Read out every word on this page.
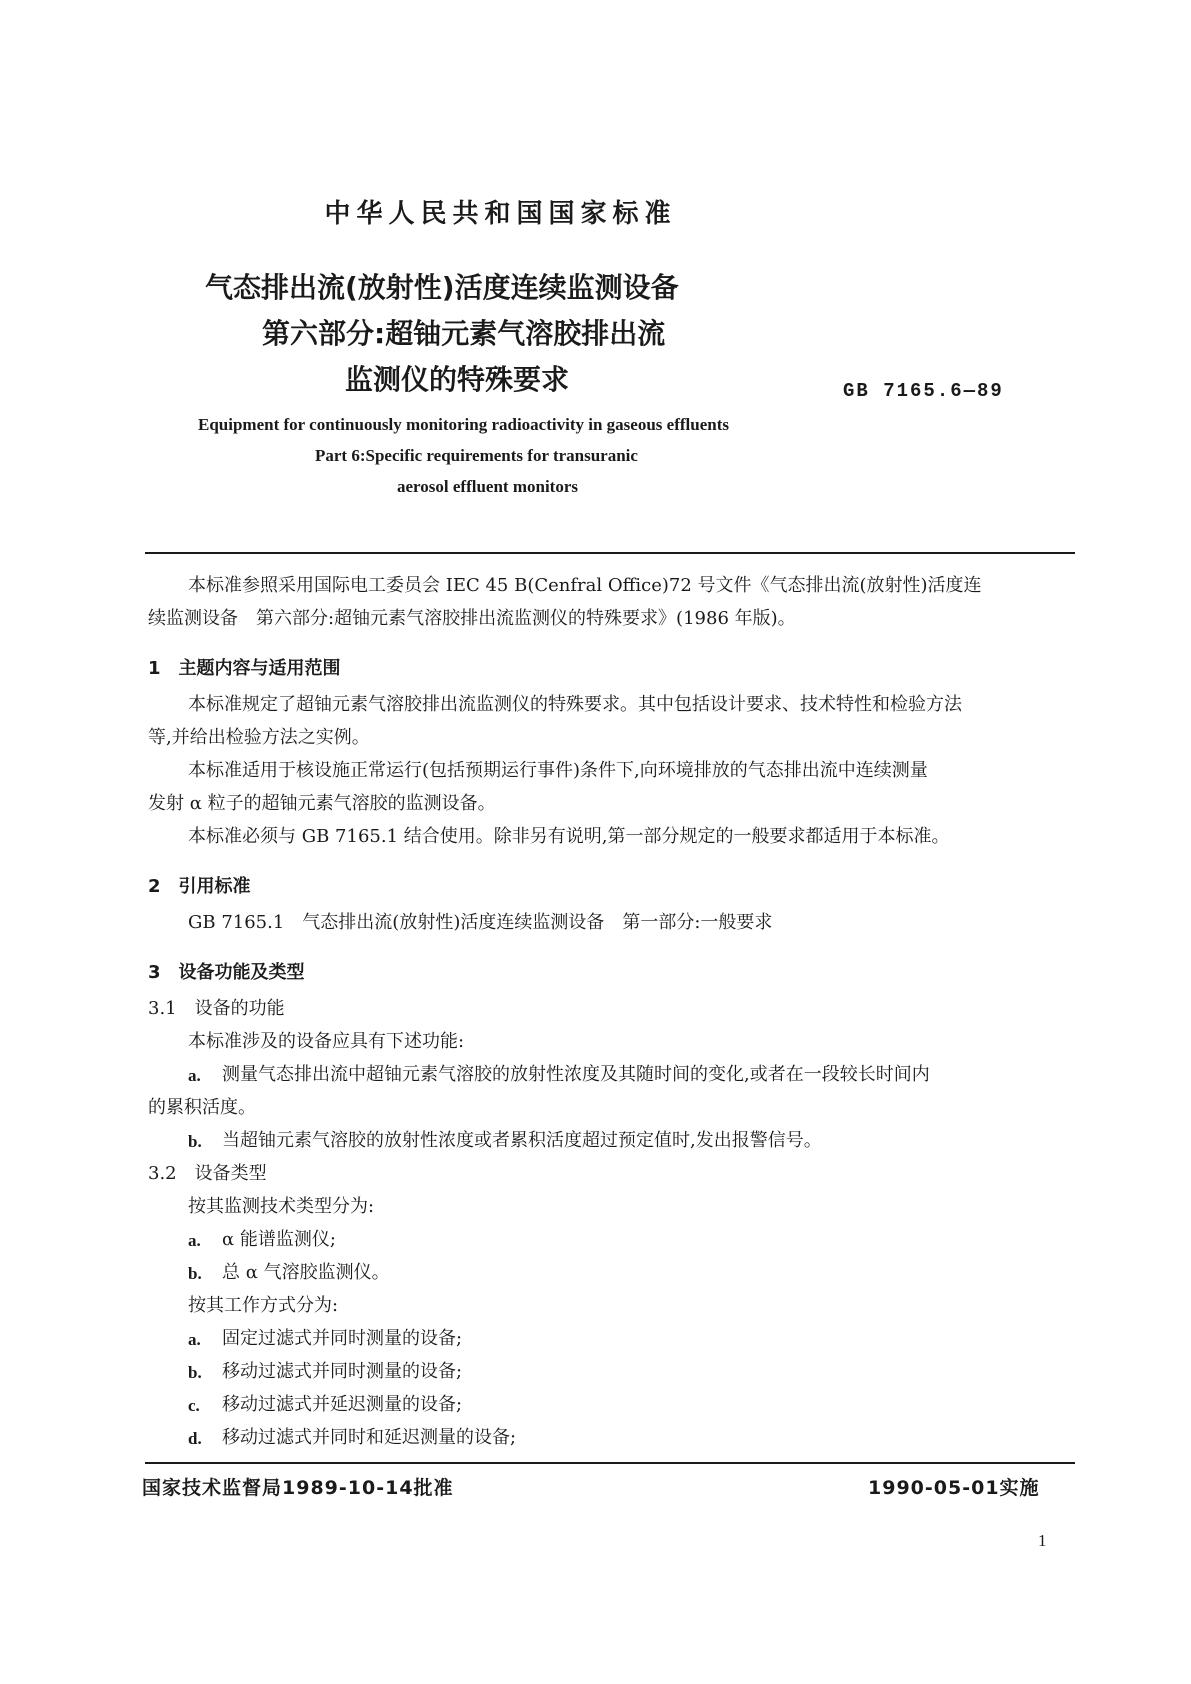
中华人民共和国国家标准
气态排出流(放射性)活度连续监测设备
第六部分:超铀元素气溶胶排出流
监测仪的特殊要求	GB 7165.6—89
Equipment for continuously monitoring radioactivity in gaseous effluents
Part 6:Specific requirements for transuranic
aerosol effluent monitors
本标准参照采用国际电工委员会 IEC 45 B(Cenfral Office)72 号文件《气态排出流(放射性)活度连
续监测设备　第六部分:超铀元素气溶胶排出流监测仪的特殊要求》(1986 年版)。
1　主题内容与适用范围
本标准规定了超铀元素气溶胶排出流监测仪的特殊要求。其中包括设计要求、技术特性和检验方法
等,并给出检验方法之实例。
本标准适用于核设施正常运行(包括预期运行事件)条件下,向环境排放的气态排出流中连续测量
发射 α 粒子的超铀元素气溶胶的监测设备。
本标准必须与 GB 7165.1 结合使用。除非另有说明,第一部分规定的一般要求都适用于本标准。
2　引用标准
GB 7165.1　气态排出流(放射性)活度连续监测设备　第一部分:一般要求
3　设备功能及类型
3.1　设备的功能
本标准涉及的设备应具有下述功能:
a. 测量气态排出流中超铀元素气溶胶的放射性浓度及其随时间的变化,或者在一段较长时间内
的累积活度。
b. 当超铀元素气溶胶的放射性浓度或者累积活度超过预定值时,发出报警信号。
3.2　设备类型
按其监测技术类型分为:
a. α 能谱监测仪;
b. 总 α 气溶胶监测仪。
按其工作方式分为:
a. 固定过滤式并同时测量的设备;
b. 移动过滤式并同时测量的设备;
c. 移动过滤式并延迟测量的设备;
d. 移动过滤式并同时和延迟测量的设备;
国家技术监督局1989-10-14批准	1990-05-01实施
1
